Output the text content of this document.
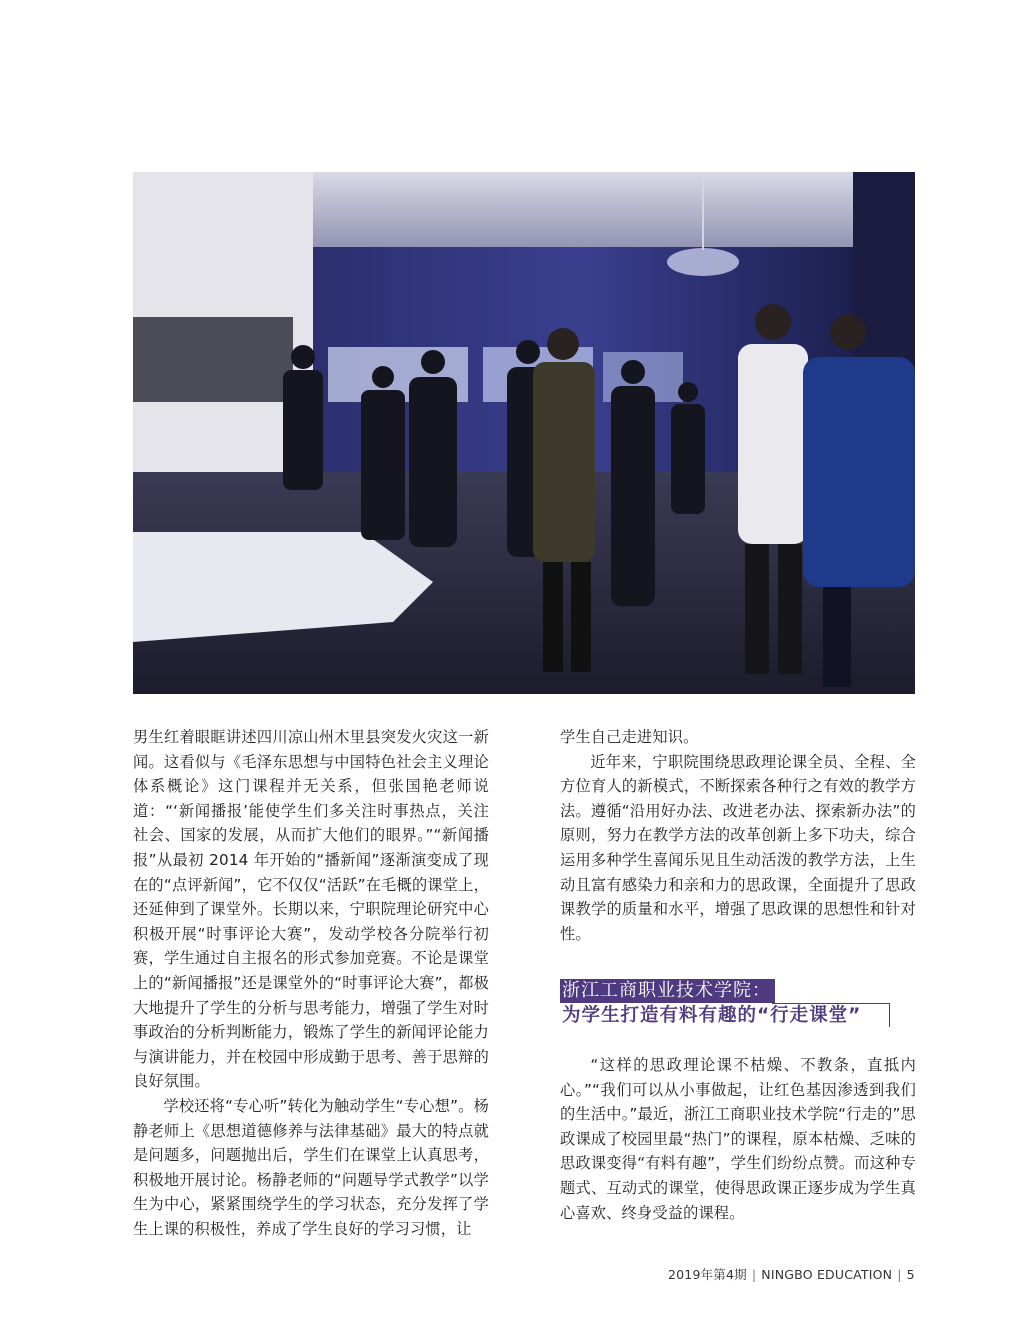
男生红着眼眶讲述四川凉山州木里县突发火灾这一新闻。这看似与《毛泽东思想与中国特色社会主义理论体系概论》这门课程并无关系，但张国艳老师说道：“‘新闻播报’能使学生们多关注时事热点，关注社会、国家的发展，从而扩大他们的眼界。”“新闻播报”从最初 2014 年开始的“播新闻”逐渐演变成了现在的“点评新闻”，它不仅仅“活跃”在毛概的课堂上，还延伸到了课堂外。长期以来，宁职院理论研究中心积极开展“时事评论大赛”，发动学校各分院举行初赛，学生通过自主报名的形式参加竞赛。不论是课堂上的“新闻播报”还是课堂外的“时事评论大赛”，都极大地提升了学生的分析与思考能力，增强了学生对时事政治的分析判断能力，锻炼了学生的新闻评论能力与演讲能力，并在校园中形成勤于思考、善于思辩的良好氛围。

学校还将“专心听”转化为触动学生“专心想”。杨静老师上《思想道德修养与法律基础》最大的特点就是问题多，问题抛出后，学生们在课堂上认真思考，积极地开展讨论。杨静老师的“问题导学式教学”以学生为中心，紧紧围绕学生的学习状态，充分发挥了学生上课的积极性，养成了学生良好的学习习惯，让

学生自己走进知识。

近年来，宁职院围绕思政理论课全员、全程、全方位育人的新模式，不断探索各种行之有效的教学方法。遵循“沿用好办法、改进老办法、探索新办法”的原则，努力在教学方法的改革创新上多下功夫，综合运用多种学生喜闻乐见且生动活泼的教学方法，上生动且富有感染力和亲和力的思政课，全面提升了思政课教学的质量和水平，增强了思政课的思想性和针对性。

浙江工商职业技术学院：
为学生打造有料有趣的“行走课堂”

“这样的思政理论课不枯燥、不教条，直抵内心。”“我们可以从小事做起，让红色基因渗透到我们的生活中。”最近，浙江工商职业技术学院“行走的”思政课成了校园里最“热门”的课程，原本枯燥、乏味的思政课变得“有料有趣”，学生们纷纷点赞。而这种专题式、互动式的课堂，使得思政课正逐步成为学生真心喜欢、终身受益的课程。

2019年第4期 | NINGBO EDUCATION | 5
